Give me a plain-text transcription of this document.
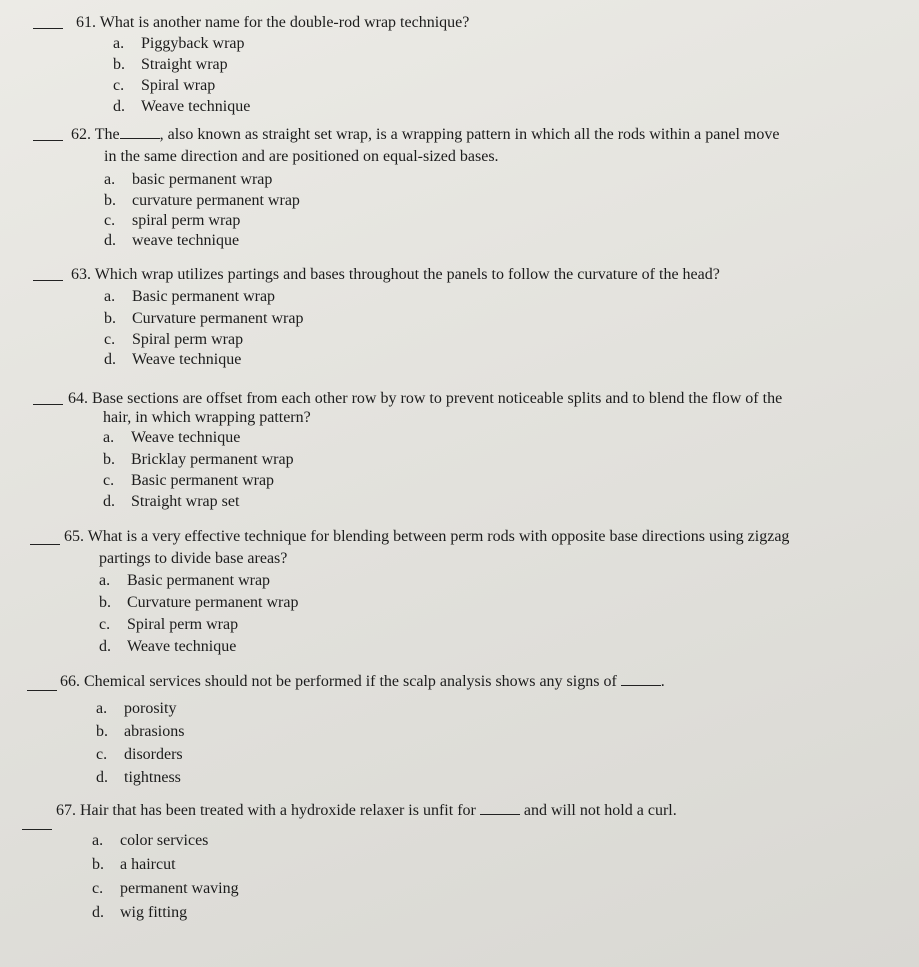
61. What is another name for the double-rod wrap technique?
a. Piggyback wrap
b. Straight wrap
c. Spiral wrap
d. Weave technique
62. The	, also known as straight set wrap, is a wrapping pattern in which all the rods within a panel move
in the same direction and are positioned on equal-sized bases.
a. basic permanent wrap
b. curvature permanent wrap
c. spiral perm wrap
d. weave technique
63. Which wrap utilizes partings and bases throughout the panels to follow the curvature of the head?
a. Basic permanent wrap
b. Curvature permanent wrap
c. Spiral perm wrap
d. Weave technique
64. Base sections are offset from each other row by row to prevent noticeable splits and to blend the flow of the
hair, in which wrapping pattern?
a. Weave technique
b. Bricklay permanent wrap
c. Basic permanent wrap
d. Straight wrap set
65. What is a very effective technique for blending between perm rods with opposite base directions using zigzag
partings to divide base areas?
a. Basic permanent wrap
b. Curvature permanent wrap
c. Spiral perm wrap
d. Weave technique
66. Chemical services should not be performed if the scalp analysis shows any signs of	.
a. porosity
b. abrasions
c. disorders
d. tightness
67. Hair that has been treated with a hydroxide relaxer is unfit for	and will not hold a curl.
a. color services
b. a haircut
c. permanent waving
d. wig fitting
